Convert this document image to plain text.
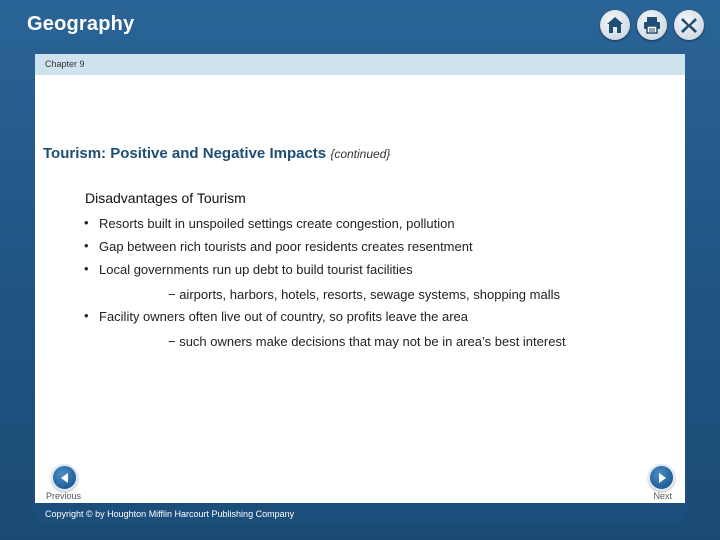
Geography
Chapter 9
Tourism: Positive and Negative Impacts {continued}
Disadvantages of Tourism
• Resorts built in unspoiled settings create congestion, pollution
• Gap between rich tourists and poor residents creates resentment
• Local governments run up debt to build tourist facilities
− airports, harbors, hotels, resorts, sewage systems, shopping malls
• Facility owners often live out of country, so profits leave the area
− such owners make decisions that may not be in area’s best interest
Previous	Next
Copyright © by Houghton Mifflin Harcourt Publishing Company
